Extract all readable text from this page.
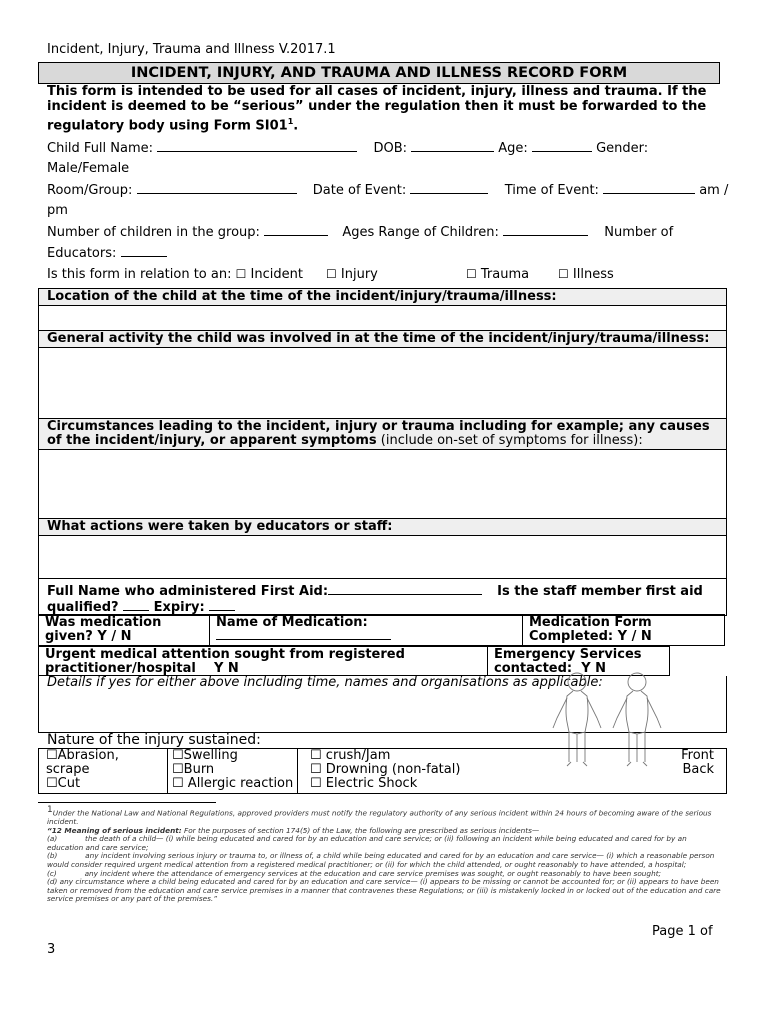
Incident, Injury, Trauma and Illness V.2017.1
INCIDENT, INJURY, AND TRAUMA AND ILLNESS RECORD FORM
This form is intended to be used for all cases of incident, injury, illness and trauma. If the incident is deemed to be “serious” under the regulation then it must be forwarded to the regulatory body using Form $SI01^1$.
Child Full Name:	DOB:	Age:	Gender:
Male/Female
Room/Group:	Date of Event:	Time of Event:	am /
pm
Number of children in the group:	Ages Range of Children:	Number of
Educators:
Is this form in relation to an: ☐ Incident ☐ Injury	☐ Trauma ☐ Illness
Location of the child at the time of the incident/injury/trauma/illness:
General activity the child was involved in at the time of the incident/injury/trauma/illness:
Circumstances leading to the incident, injury or trauma including for example; any causes of the incident/injury, or apparent symptoms (include on-set of symptoms for illness):
What actions were taken by educators or staff:
Full Name who administered First Aid:	Is the staff member first aid
qualified?	Expiry:
Was medication given? Y / N
Name of Medication:	Medication Form Completed: Y / N
Urgent medical attention sought from registered practitioner/hospital Y N
Emergency Services contacted: Y N
Details if yes for either above including time, names and organisations as applicable:
Nature of the injury sustained:
☐Abrasion, scrape
☐Cut
☐Swelling
☐Burn
☐ Allergic reaction
☐ crush/Jam
☐ Drowning (non-fatal)
☐ Electric Shock
Front
Back
$^1$Under the National Law and National Regulations, approved providers must notify the regulatory authority of any serious incident within 24 hours of becoming aware of the serious incident.
“12 Meaning of serious incident: For the purposes of section 174(5) of the Law, the following are prescribed as serious incidents—
(a)	the death of a child— (i) while being educated and cared for by an education and care service; or (ii) following an incident while being educated and cared for by an education and care service;
(b)	any incident involving serious injury or trauma to, or illness of, a child while being educated and cared for by an education and care service— (i) which a reasonable person would consider required urgent medical attention from a registered medical practitioner; or (ii) for which the child attended, or ought reasonably to have attended, a hospital;
(c)	any incident where the attendance of emergency services at the education and care service premises was sought, or ought reasonably to have been sought;
(d) any circumstance where a child being educated and cared for by an education and care service— (i) appears to be missing or cannot be accounted for; or (ii) appears to have been taken or removed from the education and care service premises in a manner that contravenes these Regulations; or (iii) is mistakenly locked in or locked out of the education and care service premises or any part of the premises.”
Page 1 of
3
